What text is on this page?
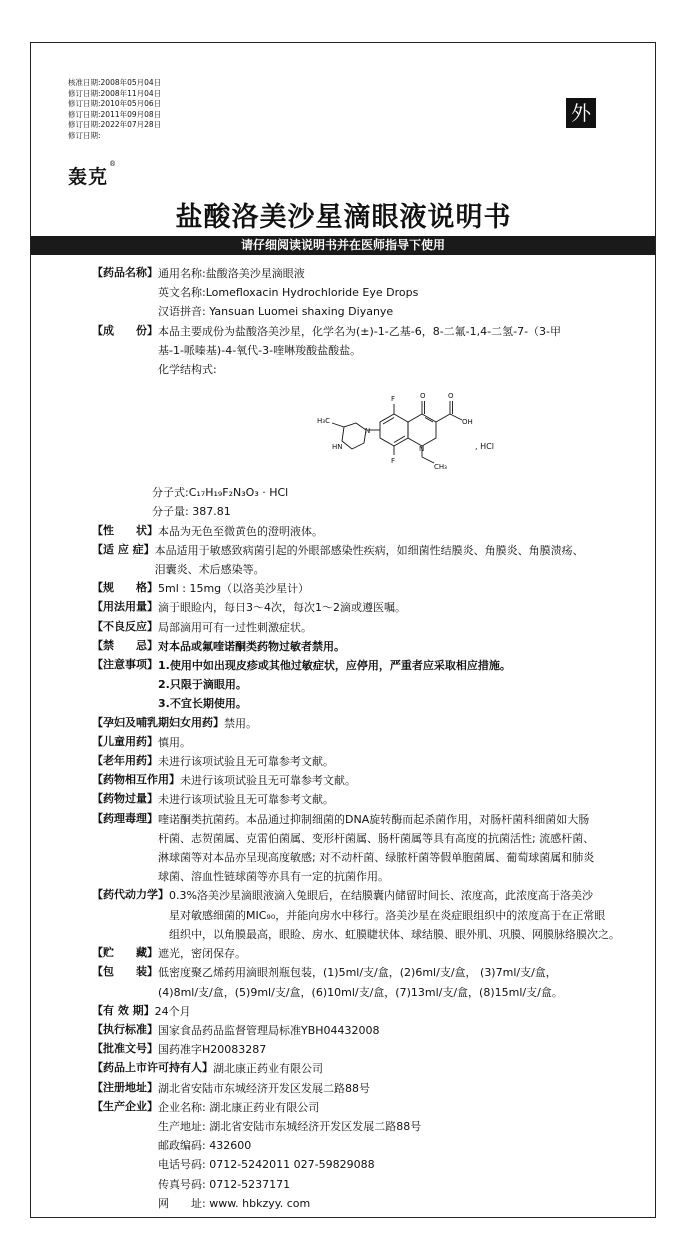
核准日期:2008年05月04日
修订日期:2008年11月04日
修订日期:2010年05月06日
修订日期:2011年09月08日
修订日期:2022年07月28日
修订日期:
外
轰克
®
盐酸洛美沙星滴眼液说明书
请仔细阅读说明书并在医师指导下使用
【药品名称】 通用名称:盐酸洛美沙星滴眼液
英文名称:Lomefloxacin Hydrochloride Eye Drops
汉语拼音: Yansuan Luomei shaxing Diyanye
【成　　份】 本品主要成份为盐酸洛美沙星，化学名为(±)-1-乙基-6，8-二氟-1,4-二氢-7-（3-甲
基-1-哌嗪基)-4-氧代-3-喹啉羧酸盐酸盐。
化学结构式:
F
F
O	O
OH
, HCl
N
N
HN
H₃C
CH₃
分子式:C₁₇H₁₉F₂N₃O₃ · HCl
分子量: 387.81
【性　　状】 本品为无色至微黄色的澄明液体。
【适 应 症】 本品适用于敏感致病菌引起的外眼部感染性疾病，如细菌性结膜炎、角膜炎、角膜溃疡、
泪囊炎、术后感染等。
【规　　格】 5ml : 15mg（以洛美沙星计）
【用法用量】 滴于眼睑内，每日3～4次，每次1～2滴或遵医嘱。
【不良反应】 局部滴用可有一过性刺激症状。
【禁　　忌】 对本品或氟喹诺酮类药物过敏者禁用。
【注意事项】 1.使用中如出现皮疹或其他过敏症状，应停用，严重者应采取相应措施。
2.只限于滴眼用。
3.不宜长期使用。
【孕妇及哺乳期妇女用药】 禁用。
【儿童用药】 慎用。
【老年用药】 未进行该项试验且无可靠参考文献。
【药物相互作用】 未进行该项试验且无可靠参考文献。
【药物过量】 未进行该项试验且无可靠参考文献。
【药理毒理】 喹诺酮类抗菌药。本品通过抑制细菌的DNA旋转酶而起杀菌作用，对肠杆菌科细菌如大肠
杆菌、志贺菌属、克雷伯菌属、变形杆菌属、肠杆菌属等具有高度的抗菌活性; 流感杆菌、
淋球菌等对本品亦呈现高度敏感; 对不动杆菌、绿脓杆菌等假单胞菌属、葡萄球菌属和肺炎
球菌、溶血性链球菌等亦具有一定的抗菌作用。
【药代动力学】 0.3%洛美沙星滴眼液滴入兔眼后，在结膜囊内储留时间长、浓度高，此浓度高于洛美沙
星对敏感细菌的MIC₉₀，并能向房水中移行。洛美沙星在炎症眼组织中的浓度高于在正常眼
组织中，以角膜最高，眼睑、房水、虹膜睫状体、球结膜、眼外肌、巩膜、网膜脉络膜次之。
【贮　　藏】 遮光，密闭保存。
【包　　装】 低密度聚乙烯药用滴眼剂瓶包装，(1)5ml/支/盒，(2)6ml/支/盒， (3)7ml/支/盒，
(4)8ml/支/盒，(5)9ml/支/盒，(6)10ml/支/盒，(7)13ml/支/盒，(8)15ml/支/盒。
【有 效 期】 24个月
【执行标准】 国家食品药品监督管理局标准YBH04432008
【批准文号】 国药准字H20083287
【药品上市许可持有人】 湖北康正药业有限公司
【注册地址】 湖北省安陆市东城经济开发区发展二路88号
【生产企业】 企业名称: 湖北康正药业有限公司
生产地址: 湖北省安陆市东城经济开发区发展二路88号
邮政编码: 432600
电话号码: 0712-5242011 027-59829088
传真号码: 0712-5237171
网　　址: www. hbkzyy. com
